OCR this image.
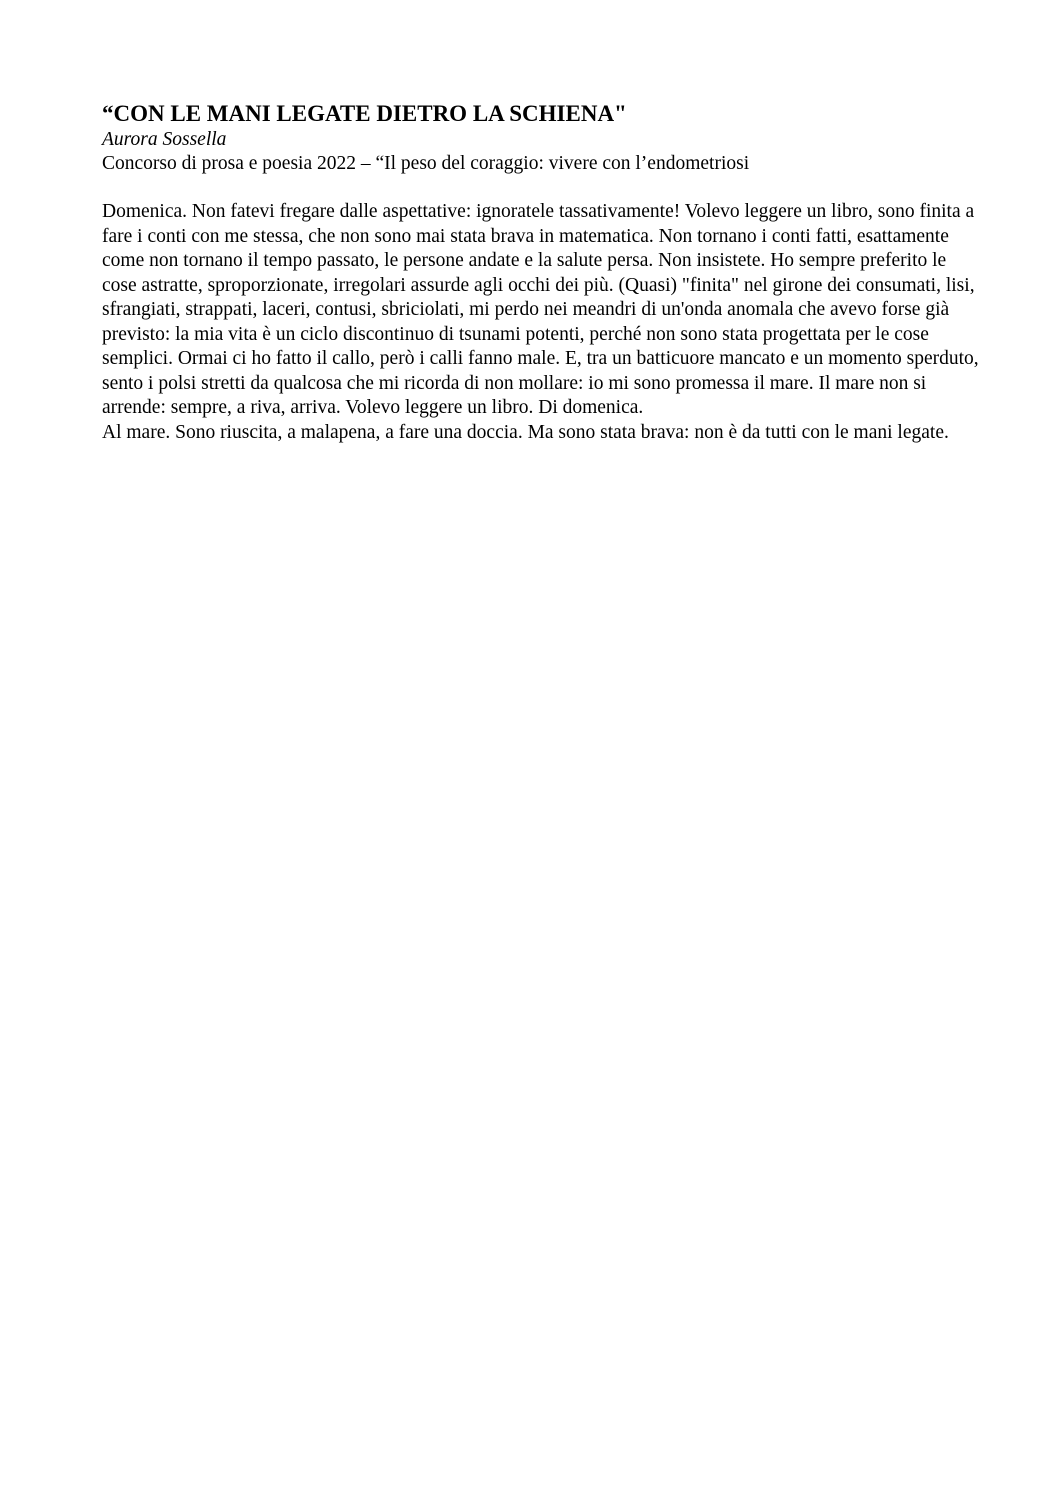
“CON LE MANI LEGATE DIETRO LA SCHIENA"
Aurora Sossella
Concorso di prosa e poesia 2022 – “Il peso del coraggio: vivere con l’endometriosi

Domenica. Non fatevi fregare dalle aspettative: ignoratele tassativamente! Volevo leggere un libro, sono finita a fare i conti con me stessa, che non sono mai stata brava in matematica. Non tornano i conti fatti, esattamente come non tornano il tempo passato, le persone andate e la salute persa. Non insistete. Ho sempre preferito le cose astratte, sproporzionate, irregolari assurde agli occhi dei più. (Quasi) "finita" nel girone dei consumati, lisi, sfrangiati, strappati, laceri, contusi, sbriciolati, mi perdo nei meandri di un'onda anomala che avevo forse già previsto: la mia vita è un ciclo discontinuo di tsunami potenti, perché non sono stata progettata per le cose semplici. Ormai ci ho fatto il callo, però i calli fanno male. E, tra un batticuore mancato e un momento sperduto, sento i polsi stretti da qualcosa che mi ricorda di non mollare: io mi sono promessa il mare. Il mare non si arrende: sempre, a riva, arriva. Volevo leggere un libro. Di domenica.

Al mare. Sono riuscita, a malapena, a fare una doccia. Ma sono stata brava: non è da tutti con le mani legate.
